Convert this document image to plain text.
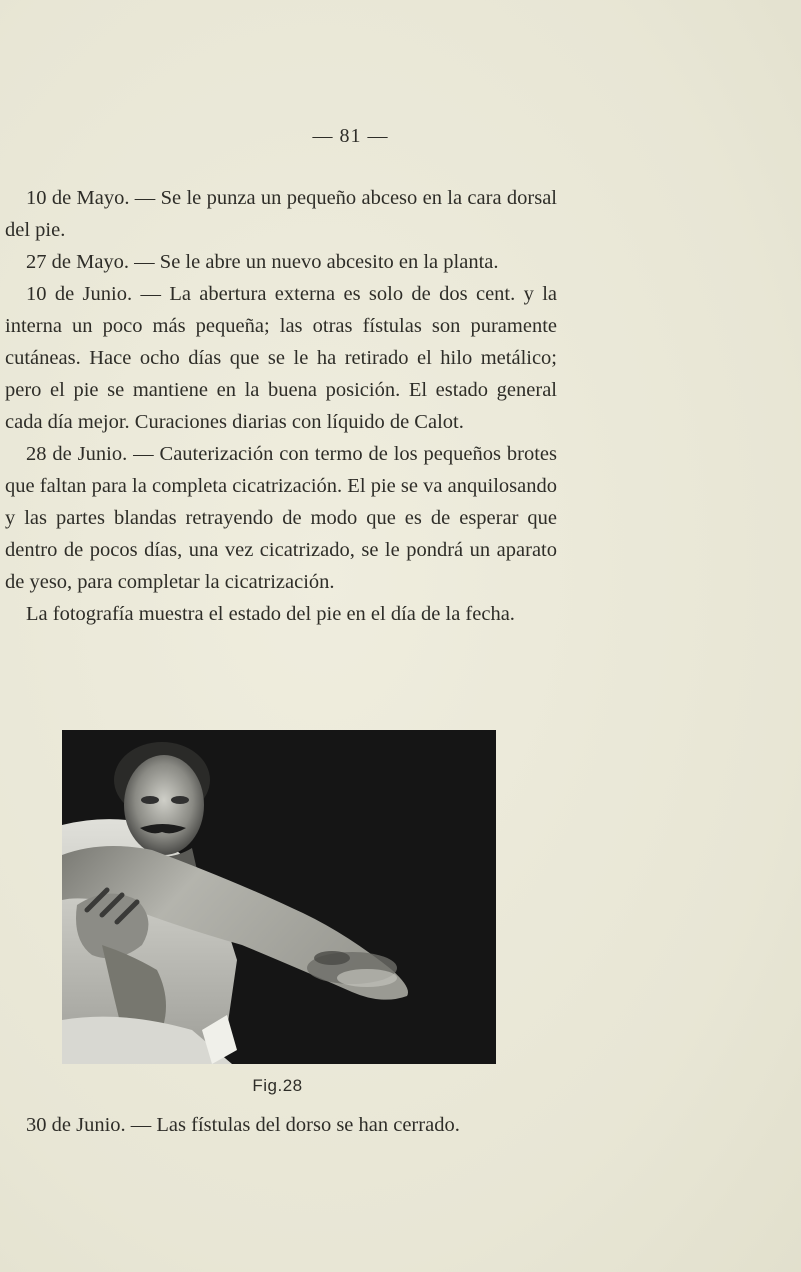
— 81 —

10 de Mayo. — Se le punza un pequeño abceso en la cara dorsal del pie.

27 de Mayo. — Se le abre un nuevo abcesito en la planta.

10 de Junio. — La abertura externa es solo de dos cent. y la interna un poco más pequeña; las otras fístulas son puramente cutáneas. Hace ocho días que se le ha retirado el hilo metálico; pero el pie se mantiene en la buena posición. El estado general cada día mejor. Curaciones diarias con líquido de Calot.

28 de Junio. — Cauterización con termo de los pequeños brotes que faltan para la completa cicatrización. El pie se va anquilosando y las partes blandas retrayendo de modo que es de esperar que dentro de pocos días, una vez cicatrizado, se le pondrá un aparato de yeso, para completar la cicatrización.

La fotografía muestra el estado del pie en el día de la fecha.

Fig.28

30 de Junio. — Las fístulas del dorso se han cerrado.
